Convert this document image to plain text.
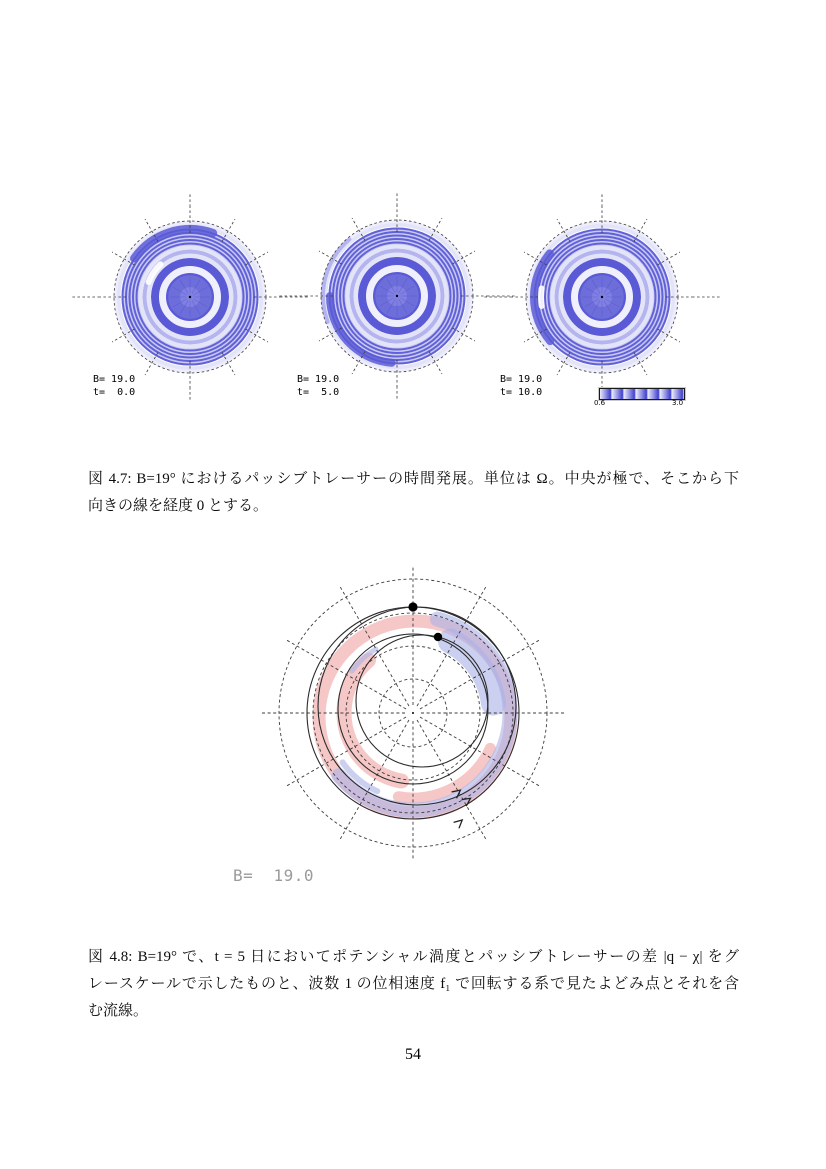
B= 19.0
t=  0.0
B= 19.0
t=  5.0
B= 19.0
t= 10.0
0.6	3.0
図 4.7: B=19° におけるパッシブトレーサーの時間発展。単位は Ω。中央が極で、そこから下
向きの線を経度 0 とする。
B=  19.0
図 4.8: B=19° で、t = 5 日においてポテンシャル渦度とパッシブトレーサーの差 |q − χ| をグ
レースケールで示したものと、波数 1 の位相速度 f₁ で回転する系で見たよどみ点とそれを含
む流線。
54
